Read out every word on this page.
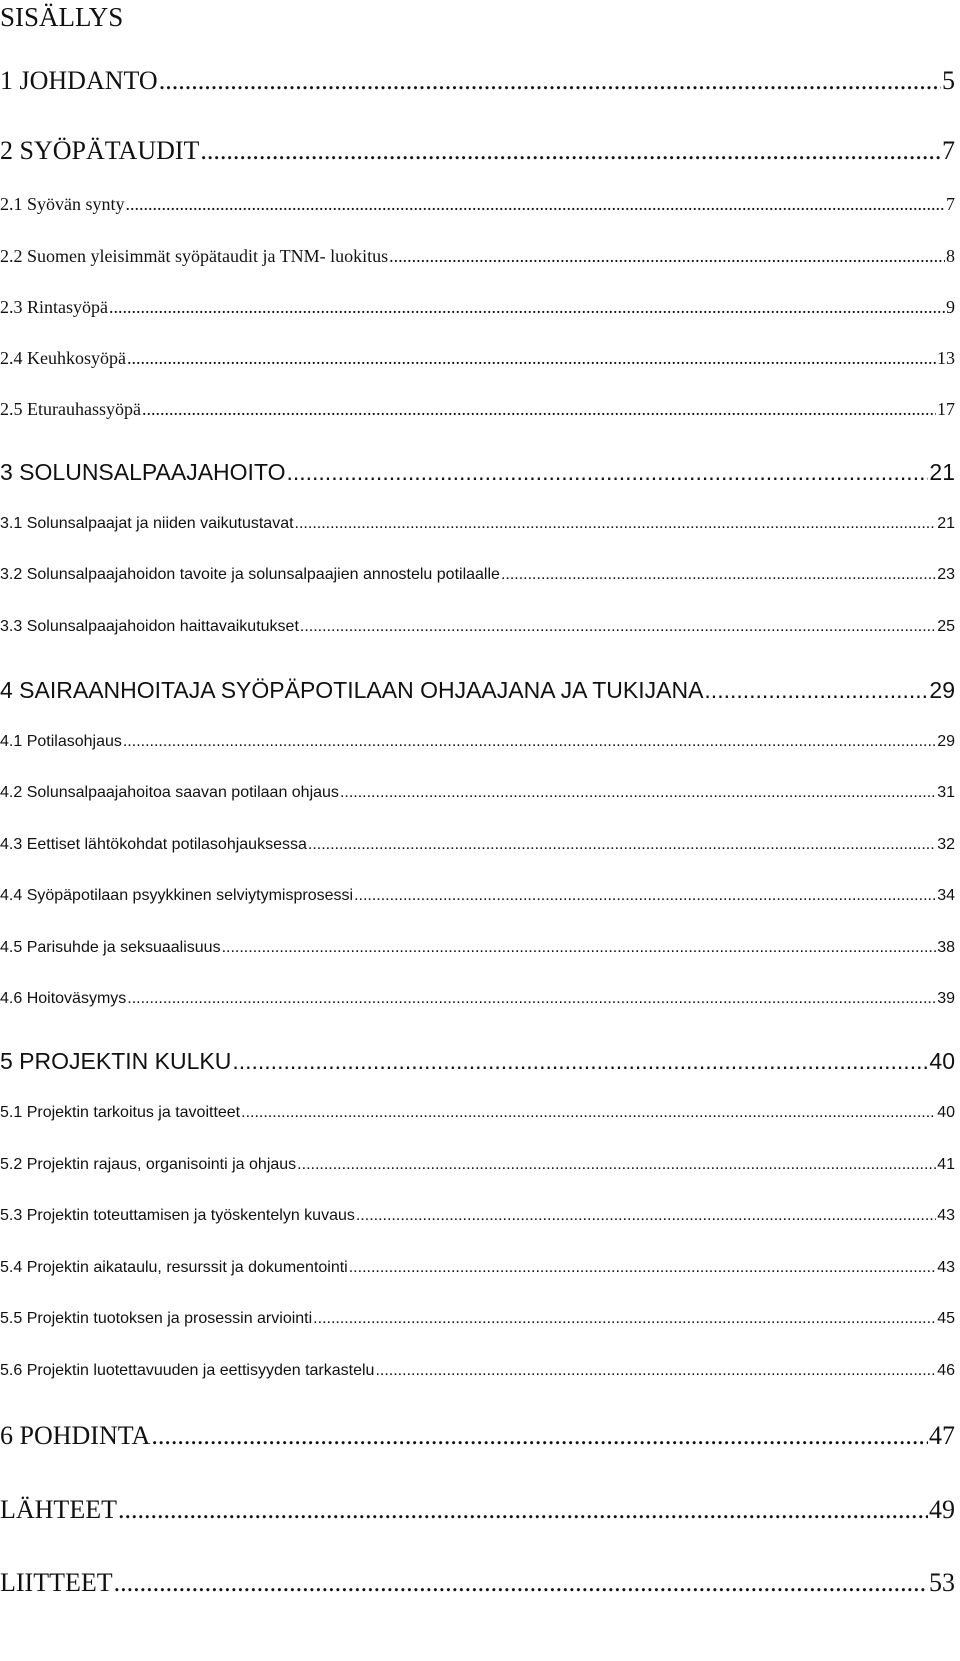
SISÄLLYS
1 JOHDANTO .....	5
2 SYÖPÄTAUDIT .....	7
2.1 Syövän synty .....	7
2.2 Suomen yleisimmät syöpätaudit ja TNM- luokitus .....	8
2.3 Rintasyöpä .....	9
2.4 Keuhkosyöpä .....	13
2.5 Eturauhassyöpä .....	17
3 SOLUNSALPAAJAHOITO .....	21
3.1 Solunsalpaajat ja niiden vaikutustavat .....	21
3.2 Solunsalpaajahoidon tavoite ja solunsalpaajien annostelu potilaalle .....	23
3.3 Solunsalpaajahoidon haittavaikutukset .....	25
4 SAIRAANHOITAJA SYÖPÄPOTILAAN OHJAAJANA JA TUKIJANA .....	29
4.1 Potilasohjaus .....	29
4.2 Solunsalpaajahoitoa saavan potilaan ohjaus .....	31
4.3 Eettiset lähtökohdat potilasohjauksessa .....	32
4.4 Syöpäpotilaan psyykkinen selviytymisprosessi .....	34
4.5 Parisuhde ja seksuaalisuus .....	38
4.6 Hoitoväsymys .....	39
5 PROJEKTIN KULKU .....	40
5.1 Projektin tarkoitus ja tavoitteet .....	40
5.2 Projektin rajaus, organisointi ja ohjaus .....	41
5.3 Projektin toteuttamisen ja työskentelyn kuvaus .....	43
5.4 Projektin aikataulu, resurssit ja dokumentointi .....	43
5.5 Projektin tuotoksen ja prosessin arviointi .....	45
5.6 Projektin luotettavuuden ja eettisyyden tarkastelu .....	46
6 POHDINTA .....	47
LÄHTEET .....	49
LIITTEET .....	53
